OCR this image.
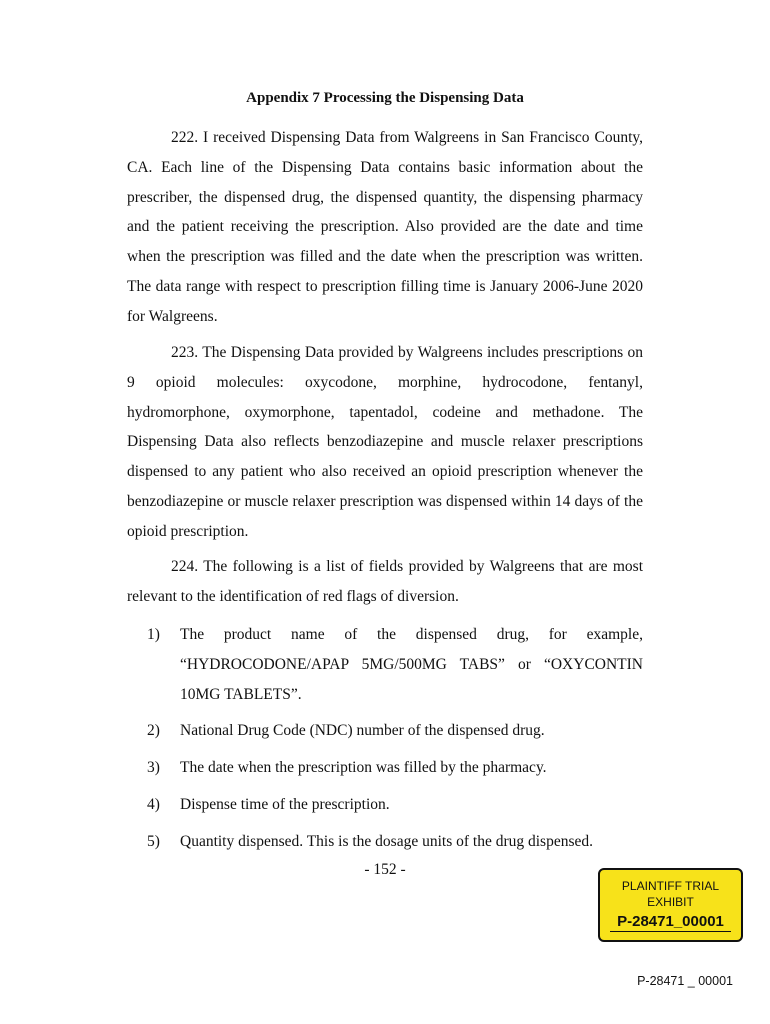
Appendix 7 Processing the Dispensing Data

222. I received Dispensing Data from Walgreens in San Francisco County, CA. Each line of the Dispensing Data contains basic information about the prescriber, the dispensed drug, the dispensed quantity, the dispensing pharmacy and the patient receiving the prescription. Also provided are the date and time when the prescription was filled and the date when the prescription was written. The data range with respect to prescription filling time is January 2006-June 2020 for Walgreens.

223. The Dispensing Data provided by Walgreens includes prescriptions on 9 opioid molecules: oxycodone, morphine, hydrocodone, fentanyl, hydromorphone, oxymorphone, tapentadol, codeine and methadone. The Dispensing Data also reflects benzodiazepine and muscle relaxer prescriptions dispensed to any patient who also received an opioid prescription whenever the benzodiazepine or muscle relaxer prescription was dispensed within 14 days of the opioid prescription.

224. The following is a list of fields provided by Walgreens that are most relevant to the identification of red flags of diversion.

1) The product name of the dispensed drug, for example, “HYDROCODONE/APAP 5MG/500MG TABS” or “OXYCONTIN 10MG TABLETS”.
2) National Drug Code (NDC) number of the dispensed drug.
3) The date when the prescription was filled by the pharmacy.
4) Dispense time of the prescription.
5) Quantity dispensed. This is the dosage units of the drug dispensed.
- 152 -
PLAINTIFF TRIAL
EXHIBIT
P-28471_00001
P-28471 _ 00001
